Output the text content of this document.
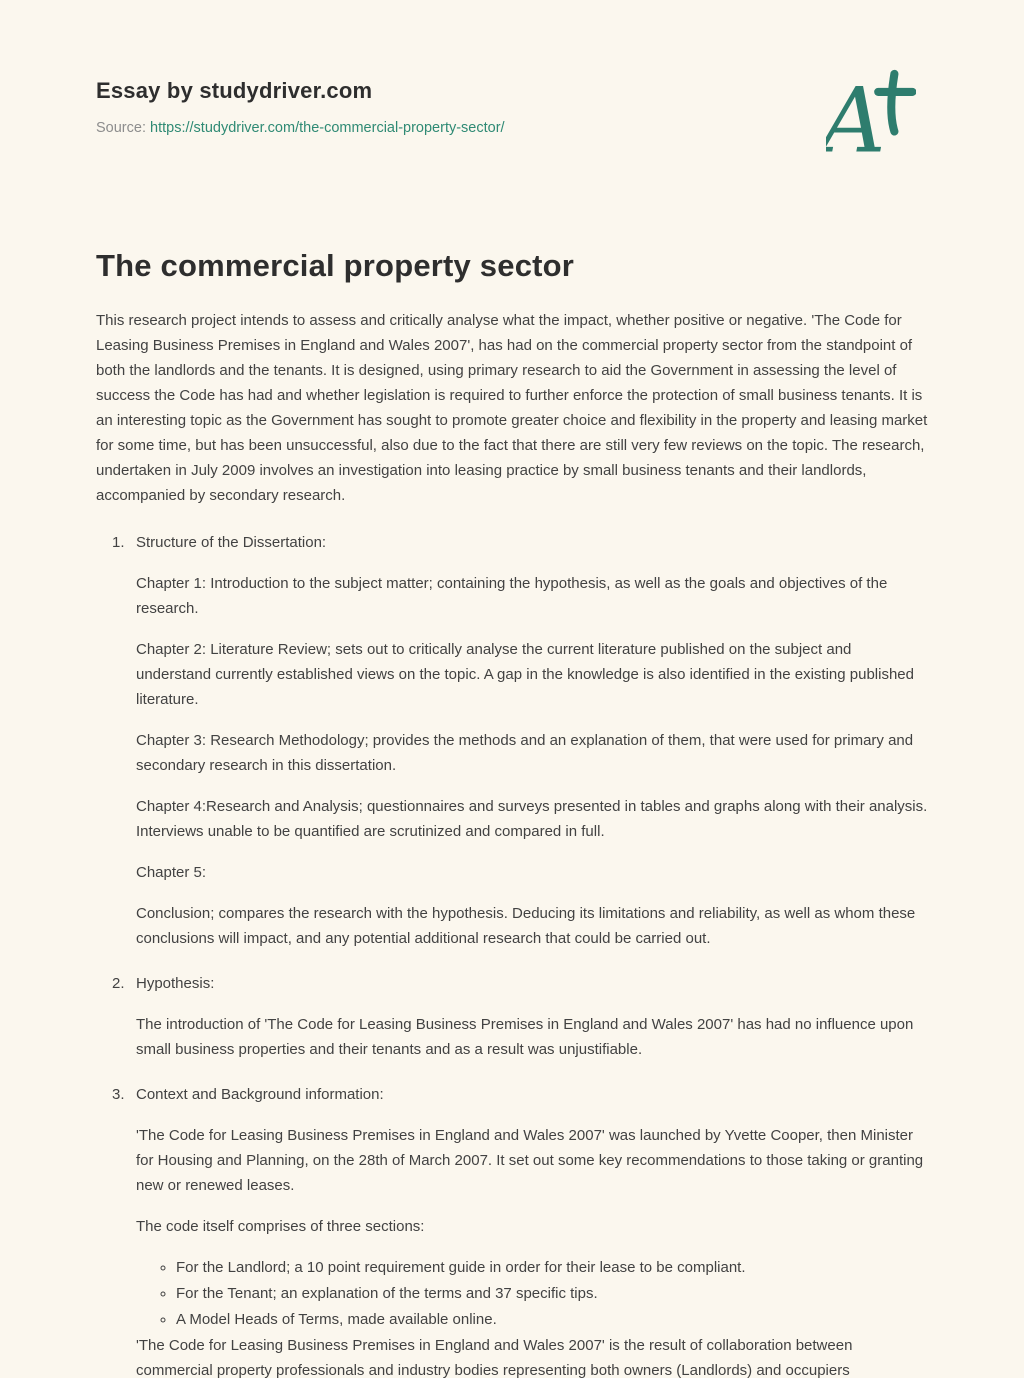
Essay by studydriver.com
Source: https://studydriver.com/the-commercial-property-sector/	A
The commercial property sector

This research project intends to assess and critically analyse what the impact, whether positive or negative. 'The Code for Leasing Business Premises in England and Wales 2007', has had on the commercial property sector from the standpoint of both the landlords and the tenants. It is designed, using primary research to aid the Government in assessing the level of success the Code has had and whether legislation is required to further enforce the protection of small business tenants. It is an interesting topic as the Government has sought to promote greater choice and flexibility in the property and leasing market for some time, but has been unsuccessful, also due to the fact that there are still very few reviews on the topic. The research, undertaken in July 2009 involves an investigation into leasing practice by small business tenants and their landlords, accompanied by secondary research.

1. Structure of the Dissertation:

Chapter 1: Introduction to the subject matter; containing the hypothesis, as well as the goals and objectives of the research.

Chapter 2: Literature Review; sets out to critically analyse the current literature published on the subject and understand currently established views on the topic. A gap in the knowledge is also identified in the existing published literature.

Chapter 3: Research Methodology; provides the methods and an explanation of them, that were used for primary and secondary research in this dissertation.

Chapter 4:Research and Analysis; questionnaires and surveys presented in tables and graphs along with their analysis. Interviews unable to be quantified are scrutinized and compared in full.

Chapter 5:

Conclusion; compares the research with the hypothesis. Deducing its limitations and reliability, as well as whom these conclusions will impact, and any potential additional research that could be carried out.

2. Hypothesis:

The introduction of 'The Code for Leasing Business Premises in England and Wales 2007' has had no influence upon small business properties and their tenants and as a result was unjustifiable.

3. Context and Background information:

'The Code for Leasing Business Premises in England and Wales 2007' was launched by Yvette Cooper, then Minister for Housing and Planning, on the 28th of March 2007. It set out some key recommendations to those taking or granting new or renewed leases.

The code itself comprises of three sections:

◦ For the Landlord; a 10 point requirement guide in order for their lease to be compliant.
◦ For the Tenant; an explanation of the terms and 37 specific tips.
◦ A Model Heads of Terms, made available online.

'The Code for Leasing Business Premises in England and Wales 2007' is the result of collaboration between commercial property professionals and industry bodies representing both owners (Landlords) and occupiers
